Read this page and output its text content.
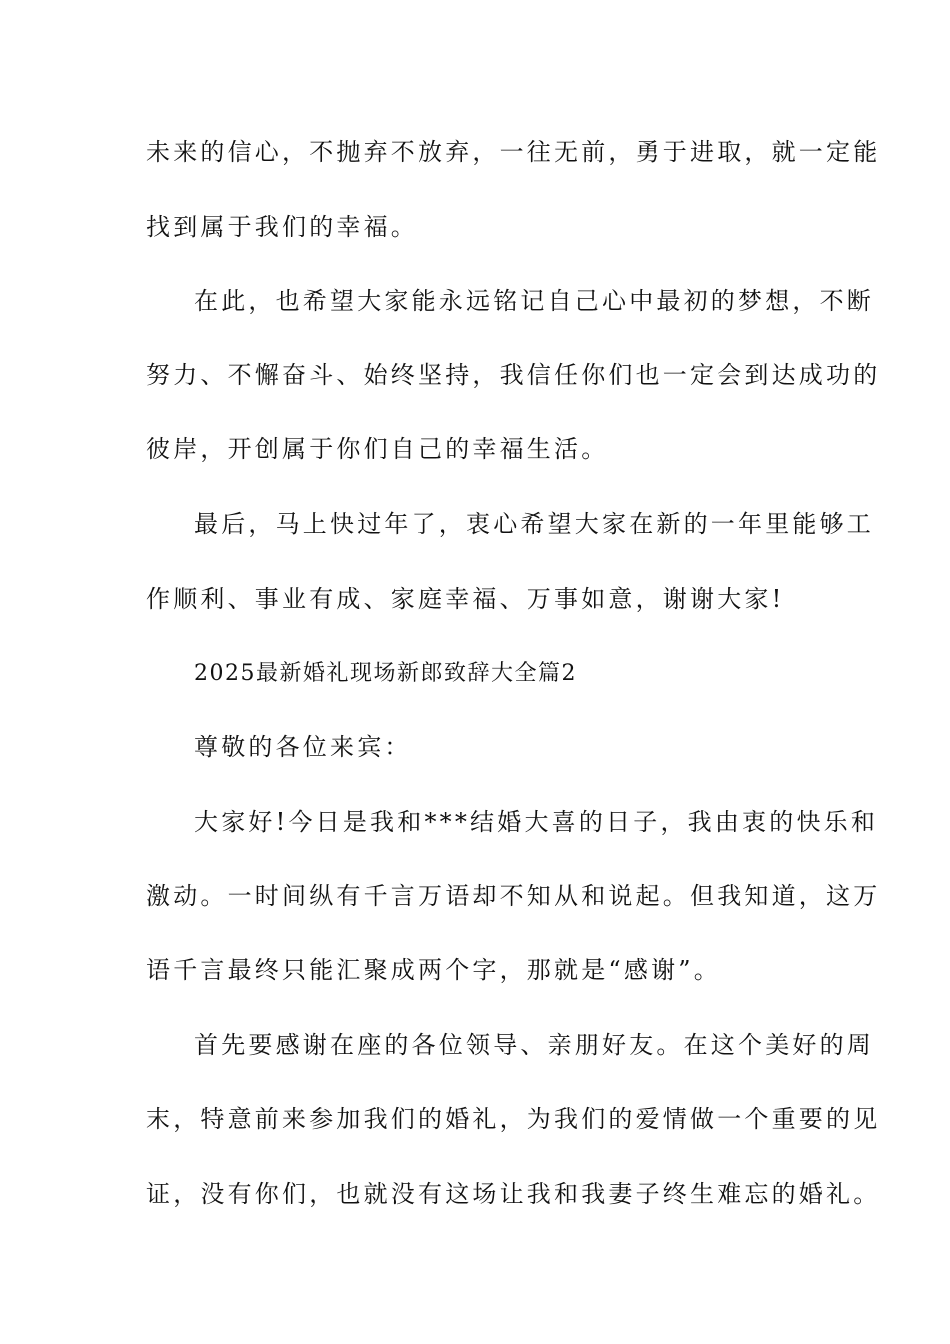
未来的信心，不抛弃不放弃，一往无前，勇于进取，就一定能
找到属于我们的幸福。
在此，也希望大家能永远铭记自己心中最初的梦想，不断
努力、不懈奋斗、始终坚持，我信任你们也一定会到达成功的
彼岸，开创属于你们自己的幸福生活。
最后，马上快过年了，衷心希望大家在新的一年里能够工
作顺利、事业有成、家庭幸福、万事如意，谢谢大家!
2025最新婚礼现场新郎致辞大全篇2
尊敬的各位来宾：
大家好!今日是我和***结婚大喜的日子，我由衷的快乐和
激动。一时间纵有千言万语却不知从和说起。但我知道，这万
语千言最终只能汇聚成两个字，那就是“感谢”。
首先要感谢在座的各位领导、亲朋好友。在这个美好的周
末，特意前来参加我们的婚礼，为我们的爱情做一个重要的见
证，没有你们，也就没有这场让我和我妻子终生难忘的婚礼。
